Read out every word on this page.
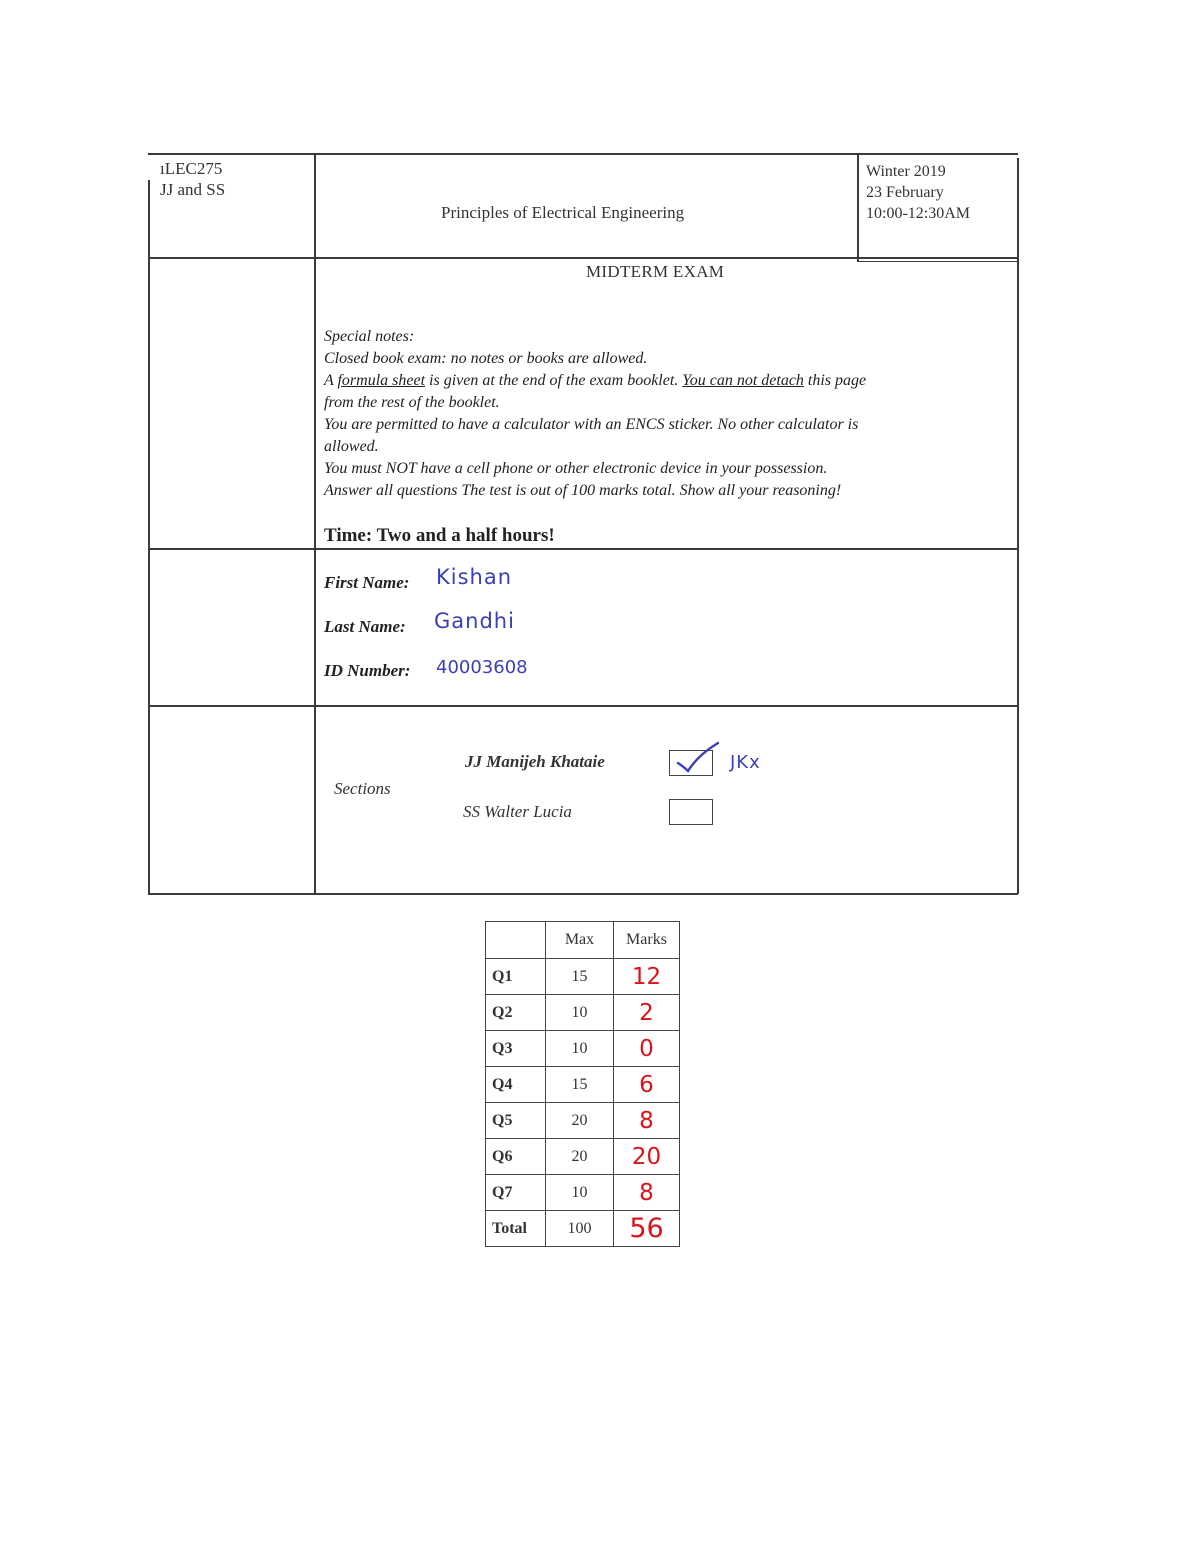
ıLEC275
JJ and SS
Principles of Electrical Engineering
Winter 2019
23 February
10:00-12:30AM
MIDTERM EXAM
Special notes:
Closed book exam: no notes or books are allowed.
A formula sheet is given at the end of the exam booklet. You can not detach this page
from the rest of the booklet.
You are permitted to have a calculator with an ENCS sticker. No other calculator is
allowed.
You must NOT have a cell phone or other electronic device in your possession.
Answer all questions The test is out of 100 marks total. Show all your reasoning!
Time: Two and a half hours!
First Name: Kishan
Last Name: Gandhi
ID Number: 40003608
Sections
JJ Manijeh Khataie	JKx
SS Walter Lucia
	Max	Marks
Q1	15	12
Q2	10	2
Q3	10	0
Q4	15	6
Q5	20	8
Q6	20	20
Q7	10	8
Total	100	56
